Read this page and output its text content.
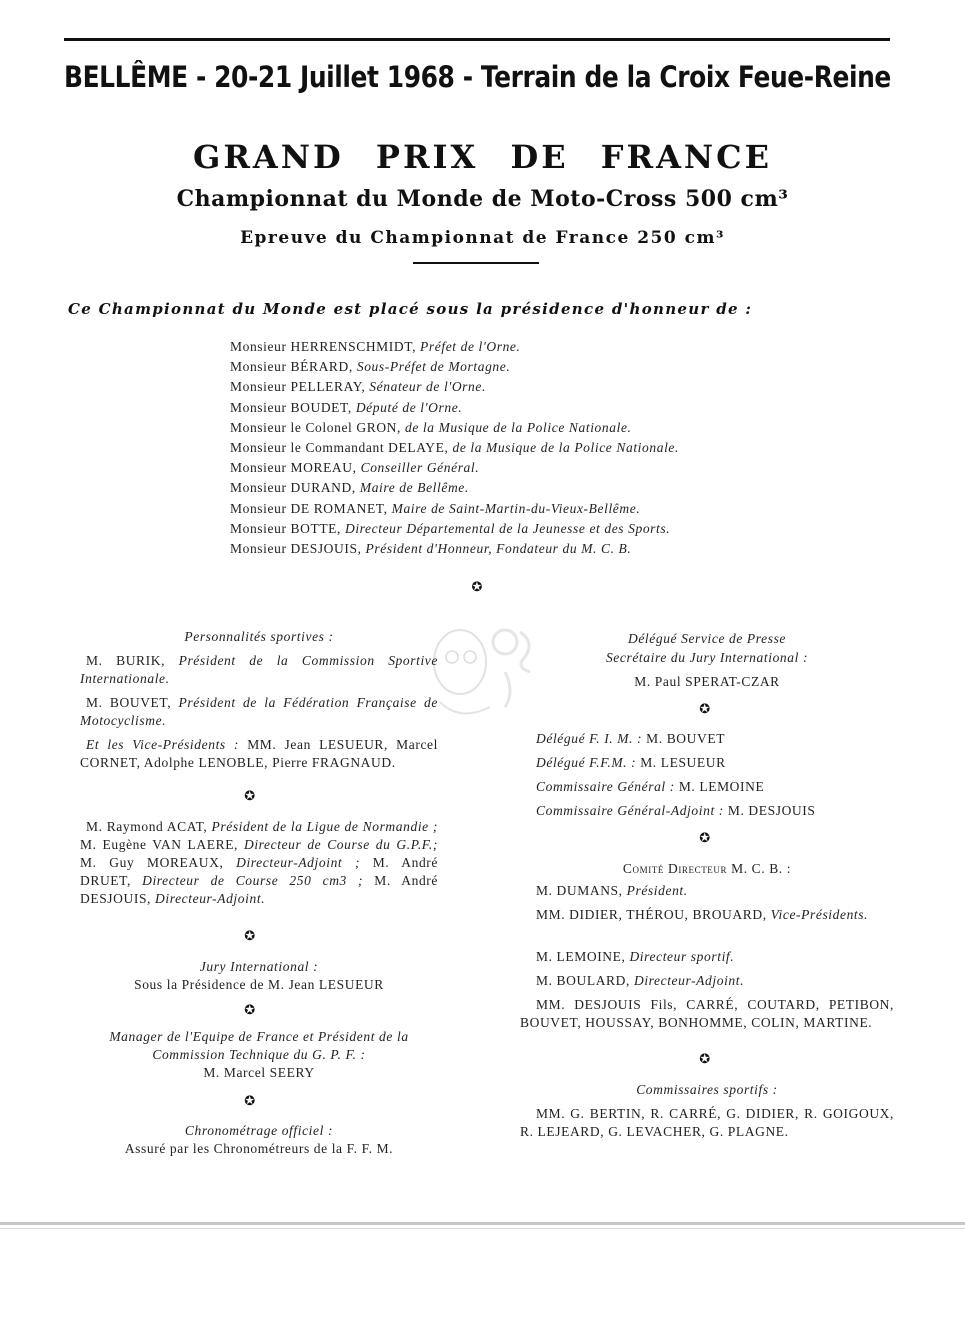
BELLÊME - 20-21 Juillet 1968 - Terrain de la Croix Feue-Reine
GRAND PRIX DE FRANCE
Championnat du Monde de Moto-Cross 500 cm³
Epreuve du Championnat de France 250 cm³
Ce Championnat du Monde est placé sous la présidence d'honneur de :
Monsieur HERRENSCHMIDT, Préfet de l'Orne.
Monsieur BÉRARD, Sous-Préfet de Mortagne.
Monsieur PELLERAY, Sénateur de l'Orne.
Monsieur BOUDET, Député de l'Orne.
Monsieur le Colonel GRON, de la Musique de la Police Nationale.
Monsieur le Commandant DELAYE, de la Musique de la Police Nationale.
Monsieur MOREAU, Conseiller Général.
Monsieur DURAND, Maire de Bellême.
Monsieur DE ROMANET, Maire de Saint-Martin-du-Vieux-Bellême.
Monsieur BOTTE, Directeur Départemental de la Jeunesse et des Sports.
Monsieur DESJOUIS, Président d'Honneur, Fondateur du M. C. B.
✪
Personnalités sportives :
M. BURIK, Président de la Commission Sportive Internationale.
M. BOUVET, Président de la Fédération Française de Motocyclisme.
Et les Vice-Présidents : MM. Jean LESUEUR, Marcel CORNET, Adolphe LENOBLE, Pierre FRAGNAUD.
✪
M. Raymond ACAT, Président de la Ligue de Normandie ; M. Eugène VAN LAERE, Directeur de Course du G.P.F.; M. Guy MOREAUX, Directeur-Adjoint ; M. André DRUET, Directeur de Course 250 cm3 ; M. André DESJOUIS, Directeur-Adjoint.
✪
Jury International :
Sous la Présidence de M. Jean LESUEUR
✪
Manager de l'Equipe de France et Président de la Commission Technique du G. P. F. :
M. Marcel SEERY
✪
Chronométrage officiel :
Assuré par les Chronométreurs de la F. F. M.
Délégué Service de Presse
Secrétaire du Jury International :
M. Paul SPERAT-CZAR
✪
Délégué F. I. M. : M. BOUVET
Délégué F.F.M. : M. LESUEUR
Commissaire Général : M. LEMOINE
Commissaire Général-Adjoint : M. DESJOUIS
✪
Comité Directeur M. C. B. :
M. DUMANS, Président.
MM. DIDIER, THÉROU, BROUARD, Vice-Présidents.
M. LEMOINE, Directeur sportif.
M. BOULARD, Directeur-Adjoint.
MM. DESJOUIS Fils, CARRÉ, COUTARD, PETIBON, BOUVET, HOUSSAY, BONHOMME, COLIN, MARTINE.
✪
Commissaires sportifs :
MM. G. BERTIN, R. CARRÉ, G. DIDIER, R. GOIGOUX, R. LEJEARD, G. LEVACHER, G. PLAGNE.
